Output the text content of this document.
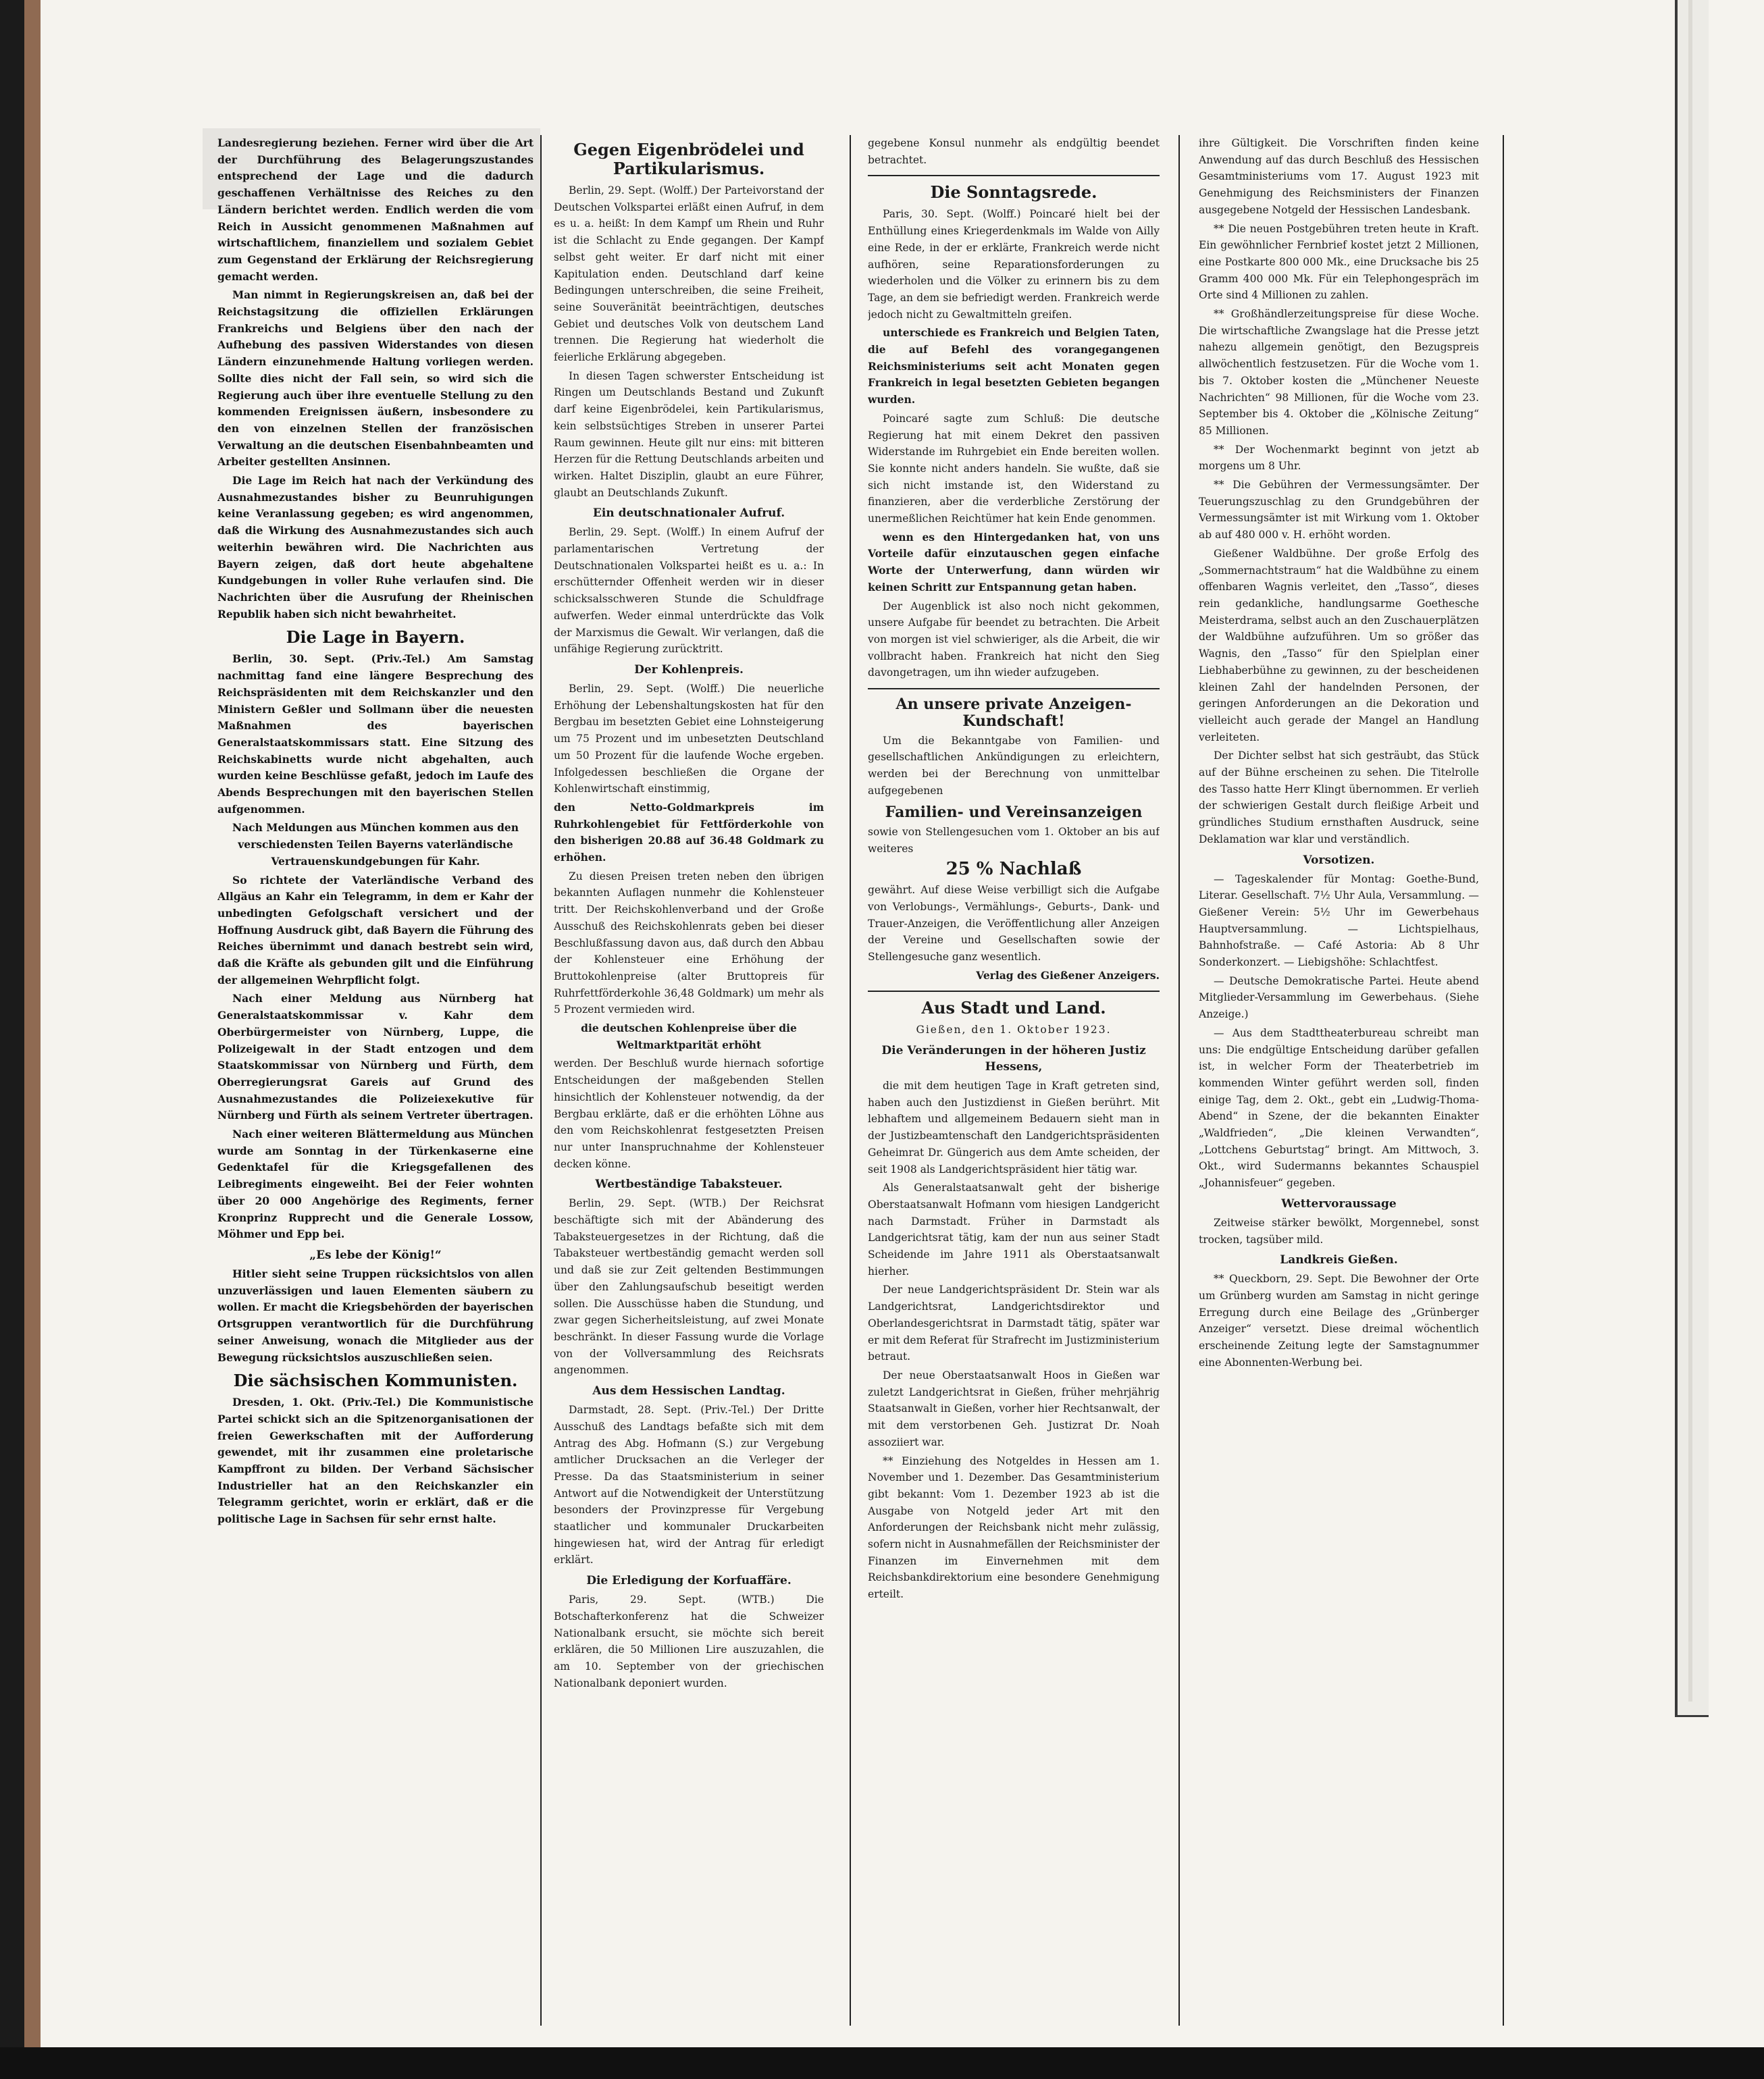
Landesregierung beziehen. Ferner wird über die Art der Durchführung des Belagerungszustandes entsprechend der Lage und die dadurch geschaffenen Verhältnisse des Reiches zu den Ländern berichtet werden. Endlich werden die vom Reich in Aussicht genommenen Maßnahmen auf wirtschaftlichem, finanziellem und sozialem Gebiet zum Gegenstand der Erklärung der Reichsregierung gemacht werden.

Man nimmt in Regierungskreisen an, daß bei der Reichstagsitzung die offiziellen Erklärungen Frankreichs und Belgiens über den nach der Aufhebung des passiven Widerstandes von diesen Ländern einzunehmende Haltung vorliegen werden. Sollte dies nicht der Fall sein, so wird sich die Regierung auch über ihre eventuelle Stellung zu den kommenden Ereignissen äußern, insbesondere zu den von einzelnen Stellen der französischen Verwaltung an die deutschen Eisenbahnbeamten und Arbeiter gestellten Ansinnen.

Die Lage im Reich hat nach der Verkündung des Ausnahmezustandes bisher zu Beunruhigungen keine Veranlassung gegeben; es wird angenommen, daß die Wirkung des Ausnahmezustandes sich auch weiterhin bewähren wird. Die Nachrichten aus Bayern zeigen, daß dort heute abgehaltene Kundgebungen in voller Ruhe verlaufen sind. Die Nachrichten über die Ausrufung der Rheinischen Republik haben sich nicht bewahrheitet.

Die Lage in Bayern.

Berlin, 30. Sept. (Priv.-Tel.) Am Samstag nachmittag fand eine längere Besprechung des Reichspräsidenten mit dem Reichskanzler und den Ministern Geßler und Sollmann über die neuesten Maßnahmen des bayerischen Generalstaatskommissars statt. Eine Sitzung des Reichskabinetts wurde nicht abgehalten, auch wurden keine Beschlüsse gefaßt, jedoch im Laufe des Abends Besprechungen mit den bayerischen Stellen aufgenommen.

Nach Meldungen aus München kommen aus den verschiedensten Teilen Bayerns vaterländische Vertrauenskundgebungen für Kahr.

So richtete der Vaterländische Verband des Allgäus an Kahr ein Telegramm, in dem er Kahr der unbedingten Gefolgschaft versichert und der Hoffnung Ausdruck gibt, daß Bayern die Führung des Reiches übernimmt und danach bestrebt sein wird, daß die Kräfte als gebunden gilt und die Einführung der allgemeinen Wehrpflicht folgt.

Nach einer Meldung aus Nürnberg hat Generalstaatskommissar v. Kahr dem Oberbürgermeister von Nürnberg, Luppe, die Polizeigewalt in der Stadt entzogen und dem Staatskommissar von Nürnberg und Fürth, dem Oberregierungsrat Gareis auf Grund des Ausnahmezustandes die Polizeiexekutive für Nürnberg und Fürth als seinem Vertreter übertragen.

Nach einer weiteren Blättermeldung aus München wurde am Sonntag in der Türkenkaserne eine Gedenktafel für die Kriegsgefallenen des Leibregiments eingeweiht. Bei der Feier wohnten über 20 000 Angehörige des Regiments, ferner Kronprinz Rupprecht und die Generale Lossow, Möhmer und Epp bei.

„Es lebe der König!“

Hitler sieht seine Truppen rücksichtslos von allen unzuverlässigen und lauen Elementen säubern zu wollen. Er macht die Kriegsbehörden der bayerischen Ortsgruppen verantwortlich für die Durchführung seiner Anweisung, wonach die Mitglieder aus der Bewegung rücksichtslos auszuschließen seien.

Die sächsischen Kommunisten.

Dresden, 1. Okt. (Priv.-Tel.) Die Kommunistische Partei schickt sich an die Spitzenorganisationen der freien Gewerkschaften mit der Aufforderung gewendet, mit ihr zusammen eine proletarische Kampffront zu bilden. Der Verband Sächsischer Industrieller hat an den Reichskanzler ein Telegramm gerichtet, worin er erklärt, daß er die politische Lage in Sachsen für sehr ernst halte.

Gegen Eigenbrödelei und Partikularismus.

Berlin, 29. Sept. (Wolff.) Der Parteivorstand der Deutschen Volkspartei erläßt einen Aufruf, in dem es u. a. heißt: In dem Kampf um Rhein und Ruhr ist die Schlacht zu Ende gegangen. Der Kampf selbst geht weiter. Er darf nicht mit einer Kapitulation enden. Deutschland darf keine Bedingungen unterschreiben, die seine Freiheit, seine Souveränität beeinträchtigen, deutsches Gebiet und deutsches Volk von deutschem Land trennen. Die Regierung hat wiederholt die feierliche Erklärung abgegeben.

In diesen Tagen schwerster Entscheidung ist Ringen um Deutschlands Bestand und Zukunft darf keine Eigenbrödelei, kein Partikularismus, kein selbstsüchtiges Streben in unserer Partei Raum gewinnen. Heute gilt nur eins: mit bitteren Herzen für die Rettung Deutschlands arbeiten und wirken. Haltet Disziplin, glaubt an eure Führer, glaubt an Deutschlands Zukunft.

Ein deutschnationaler Aufruf.

Berlin, 29. Sept. (Wolff.) In einem Aufruf der parlamentarischen Vertretung der Deutschnationalen Volkspartei heißt es u. a.: In erschütternder Offenheit werden wir in dieser schicksalsschweren Stunde die Schuldfrage aufwerfen. Weder einmal unterdrückte das Volk der Marxismus die Gewalt. Wir verlangen, daß die unfähige Regierung zurücktritt.

Der Kohlenpreis.

Berlin, 29. Sept. (Wolff.) Die neuerliche Erhöhung der Lebenshaltungskosten hat für den Bergbau im besetzten Gebiet eine Lohnsteigerung um 75 Prozent und im unbesetzten Deutschland um 50 Prozent für die laufende Woche ergeben. Infolgedessen beschließen die Organe der Kohlenwirtschaft einstimmig,

den Netto-Goldmarkpreis im Ruhrkohlengebiet für Fettförderkohle von den bisherigen 20.88 auf 36.48 Goldmark zu erhöhen.

Zu diesen Preisen treten neben den übrigen bekannten Auflagen nunmehr die Kohlensteuer tritt. Der Reichskohlenverband und der Große Ausschuß des Reichskohlenrats geben bei dieser Beschlußfassung davon aus, daß durch den Abbau der Kohlensteuer eine Erhöhung der Bruttokohlenpreise (alter Bruttopreis für Ruhrfettförderkohle 36,48 Goldmark) um mehr als 5 Prozent vermieden wird.

die deutschen Kohlenpreise über die Weltmarktparität erhöht

werden. Der Beschluß wurde hiernach sofortige Entscheidungen der maßgebenden Stellen hinsichtlich der Kohlensteuer notwendig, da der Bergbau erklärte, daß er die erhöhten Löhne aus den vom Reichskohlenrat festgesetzten Preisen nur unter Inanspruchnahme der Kohlensteuer decken könne.

Wertbeständige Tabaksteuer.

Berlin, 29. Sept. (WTB.) Der Reichsrat beschäftigte sich mit der Abänderung des Tabaksteuergesetzes in der Richtung, daß die Tabaksteuer wertbeständig gemacht werden soll und daß sie zur Zeit geltenden Bestimmungen über den Zahlungsaufschub beseitigt werden sollen. Die Ausschüsse haben die Stundung, und zwar gegen Sicherheitsleistung, auf zwei Monate beschränkt. In dieser Fassung wurde die Vorlage von der Vollversammlung des Reichsrats angenommen.

Aus dem Hessischen Landtag.

Darmstadt, 28. Sept. (Priv.-Tel.) Der Dritte Ausschuß des Landtags befaßte sich mit dem Antrag des Abg. Hofmann (S.) zur Vergebung amtlicher Drucksachen an die Verleger der Presse. Da das Staatsministerium in seiner Antwort auf die Notwendigkeit der Unterstützung besonders der Provinzpresse für Vergebung staatlicher und kommunaler Druckarbeiten hingewiesen hat, wird der Antrag für erledigt erklärt.

Die Erledigung der Korfuaffäre.

Paris, 29. Sept. (WTB.) Die Botschafterkonferenz hat die Schweizer Nationalbank ersucht, sie möchte sich bereit erklären, die 50 Millionen Lire auszuzahlen, die am 10. September von der griechischen Nationalbank deponiert wurden.

gegebene Konsul nunmehr als endgültig beendet betrachtet.

Die Sonntagsrede.

Paris, 30. Sept. (Wolff.) Poincaré hielt bei der Enthüllung eines Kriegerdenkmals im Walde von Ailly eine Rede, in der er erklärte, Frankreich werde nicht aufhören, seine Reparationsforderungen zu wiederholen und die Völker zu erinnern bis zu dem Tage, an dem sie befriedigt werden. Frankreich werde jedoch nicht zu Gewaltmitteln greifen.

unterschiede es Frankreich und Belgien Taten, die auf Befehl des vorangegangenen Reichsministeriums seit acht Monaten gegen Frankreich in legal besetzten Gebieten begangen wurden.

Poincaré sagte zum Schluß: Die deutsche Regierung hat mit einem Dekret den passiven Widerstande im Ruhrgebiet ein Ende bereiten wollen. Sie konnte nicht anders handeln. Sie wußte, daß sie sich nicht imstande ist, den Widerstand zu finanzieren, aber die verderbliche Zerstörung der unermeßlichen Reichtümer hat kein Ende genommen.

wenn es den Hintergedanken hat, von uns Vorteile dafür einzutauschen gegen einfache Worte der Unterwerfung, dann würden wir keinen Schritt zur Entspannung getan haben.

Der Augenblick ist also noch nicht gekommen, unsere Aufgabe für beendet zu betrachten. Die Arbeit von morgen ist viel schwieriger, als die Arbeit, die wir vollbracht haben. Frankreich hat nicht den Sieg davongetragen, um ihn wieder aufzugeben.

An unsere private Anzeigen-Kundschaft!

Um die Bekanntgabe von Familien- und gesellschaftlichen Ankündigungen zu erleichtern, werden bei der Berechnung von unmittelbar aufgegebenen

Familien- und Vereinsanzeigen

sowie von Stellengesuchen vom 1. Oktober an bis auf weiteres

25 % Nachlaß

gewährt. Auf diese Weise verbilligt sich die Aufgabe von Verlobungs-, Vermählungs-, Geburts-, Dank- und Trauer-Anzeigen, die Veröffentlichung aller Anzeigen der Vereine und Gesellschaften sowie der Stellengesuche ganz wesentlich.

Verlag des Gießener Anzeigers.

Aus Stadt und Land.

Gießen, den 1. Oktober 1923.

Die Veränderungen in der höheren Justiz Hessens,

die mit dem heutigen Tage in Kraft getreten sind, haben auch den Justizdienst in Gießen berührt. Mit lebhaftem und allgemeinem Bedauern sieht man in der Justizbeamtenschaft den Landgerichtspräsidenten Geheimrat Dr. Güngerich aus dem Amte scheiden, der seit 1908 als Landgerichtspräsident hier tätig war.

Als Generalstaatsanwalt geht der bisherige Oberstaatsanwalt Hofmann vom hiesigen Landgericht nach Darmstadt. Früher in Darmstadt als Landgerichtsrat tätig, kam der nun aus seiner Stadt Scheidende im Jahre 1911 als Oberstaatsanwalt hierher.

Der neue Landgerichtspräsident Dr. Stein war als Landgerichtsrat, Landgerichtsdirektor und Oberlandesgerichtsrat in Darmstadt tätig, später war er mit dem Referat für Strafrecht im Justizministerium betraut.

Der neue Oberstaatsanwalt Hoos in Gießen war zuletzt Landgerichtsrat in Gießen, früher mehrjährig Staatsanwalt in Gießen, vorher hier Rechtsanwalt, der mit dem verstorbenen Geh. Justizrat Dr. Noah assoziiert war.

** Einziehung des Notgeldes in Hessen am 1. November und 1. Dezember. Das Gesamtministerium gibt bekannt: Vom 1. Dezember 1923 ab ist die Ausgabe von Notgeld jeder Art mit den Anforderungen der Reichsbank nicht mehr zulässig, sofern nicht in Ausnahmefällen der Reichsminister der Finanzen im Einvernehmen mit dem Reichsbankdirektorium eine besondere Genehmigung erteilt.

ihre Gültigkeit. Die Vorschriften finden keine Anwendung auf das durch Beschluß des Hessischen Gesamtministeriums vom 17. August 1923 mit Genehmigung des Reichsministers der Finanzen ausgegebene Notgeld der Hessischen Landesbank.

** Die neuen Postgebühren treten heute in Kraft. Ein gewöhnlicher Fernbrief kostet jetzt 2 Millionen, eine Postkarte 800 000 Mk., eine Drucksache bis 25 Gramm 400 000 Mk. Für ein Telephongespräch im Orte sind 4 Millionen zu zahlen.

** Großhändlerzeitungspreise für diese Woche. Die wirtschaftliche Zwangslage hat die Presse jetzt nahezu allgemein genötigt, den Bezugspreis allwöchentlich festzusetzen. Für die Woche vom 1. bis 7. Oktober kosten die „Münchener Neueste Nachrichten“ 98 Millionen, für die Woche vom 23. September bis 4. Oktober die „Kölnische Zeitung“ 85 Millionen.

** Der Wochenmarkt beginnt von jetzt ab morgens um 8 Uhr.

** Die Gebühren der Vermessungsämter. Der Teuerungszuschlag zu den Grundgebühren der Vermessungsämter ist mit Wirkung vom 1. Oktober ab auf 480 000 v. H. erhöht worden.

Gießener Waldbühne. Der große Erfolg des „Sommernachtstraum“ hat die Waldbühne zu einem offenbaren Wagnis verleitet, den „Tasso“, dieses rein gedankliche, handlungsarme Goethesche Meisterdrama, selbst auch an den Zuschauerplätzen der Waldbühne aufzuführen. Um so größer das Wagnis, den „Tasso“ für den Spielplan einer Liebhaberbühne zu gewinnen, zu der bescheidenen kleinen Zahl der handelnden Personen, der geringen Anforderungen an die Dekoration und vielleicht auch gerade der Mangel an Handlung verleiteten.

Der Dichter selbst hat sich gesträubt, das Stück auf der Bühne erscheinen zu sehen. Die Titelrolle des Tasso hatte Herr Klingt übernommen. Er verlieh der schwierigen Gestalt durch fleißige Arbeit und gründliches Studium ernsthaften Ausdruck, seine Deklamation war klar und verständlich.

Vorsotizen.

— Tageskalender für Montag: Goethe-Bund, Literar. Gesellschaft. 7½ Uhr Aula, Versammlung. — Gießener Verein: 5½ Uhr im Gewerbehaus Hauptversammlung. — Lichtspielhaus, Bahnhofstraße. — Café Astoria: Ab 8 Uhr Sonderkonzert. — Liebigshöhe: Schlachtfest.

— Deutsche Demokratische Partei. Heute abend Mitglieder-Versammlung im Gewerbehaus. (Siehe Anzeige.)

— Aus dem Stadttheaterbureau schreibt man uns: Die endgültige Entscheidung darüber gefallen ist, in welcher Form der Theaterbetrieb im kommenden Winter geführt werden soll, finden einige Tag, dem 2. Okt., gebt ein „Ludwig-Thoma-Abend“ in Szene, der die bekannten Einakter „Waldfrieden“, „Die kleinen Verwandten“, „Lottchens Geburtstag“ bringt. Am Mittwoch, 3. Okt., wird Sudermanns bekanntes Schauspiel „Johannisfeuer“ gegeben.

Wettervoraussage

Zeitweise stärker bewölkt, Morgennebel, sonst trocken, tagsüber mild.

Landkreis Gießen.

** Queckborn, 29. Sept. Die Bewohner der Orte um Grünberg wurden am Samstag in nicht geringe Erregung durch eine Beilage des „Grünberger Anzeiger“ versetzt. Diese dreimal wöchentlich erscheinende Zeitung legte der Samstagnummer eine Abonnenten-Werbung bei.
